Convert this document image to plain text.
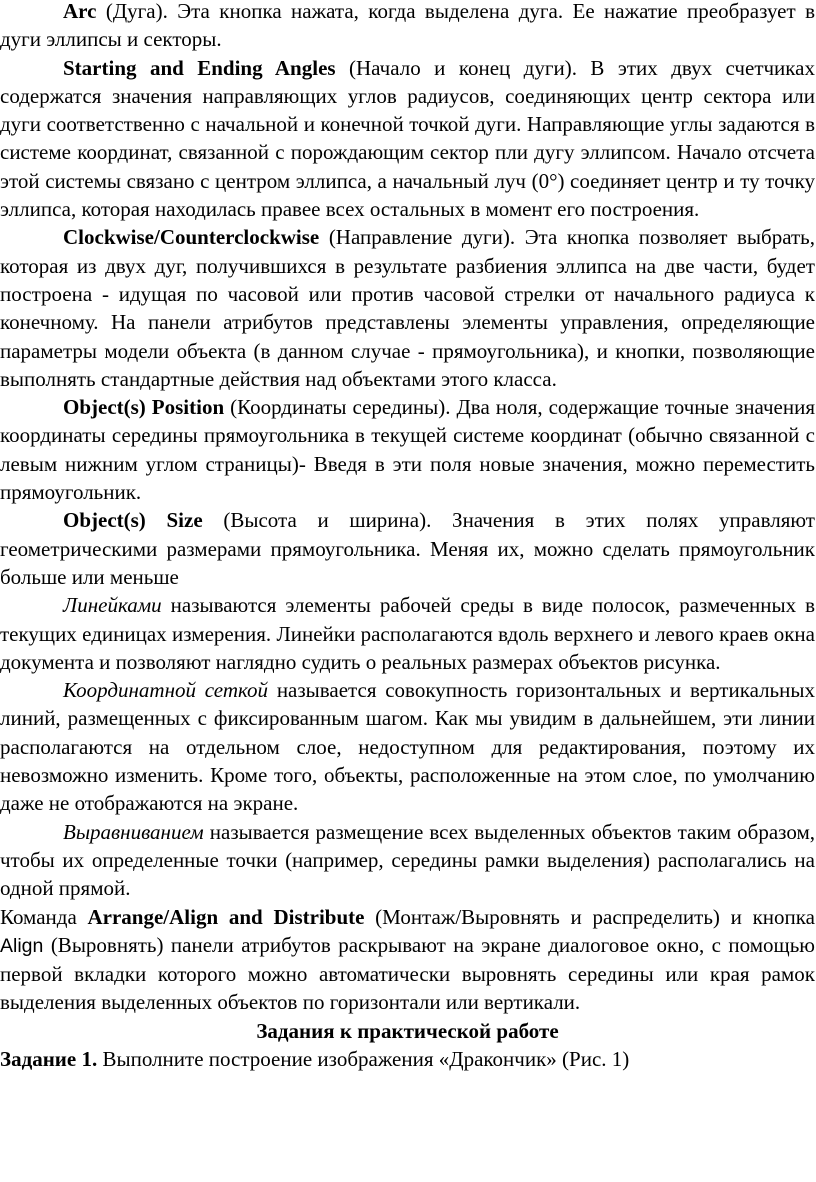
Arc (Дуга). Эта кнопка нажата, когда выделена дуга. Ее нажатие преобразует в дуги эллипсы и секторы.

Starting and Ending Angles (Начало и конец дуги). В этих двух счетчиках содержатся значения направляющих углов радиусов, соединяющих центр сектора или дуги соответственно с начальной и конечной точкой дуги. Направляющие углы задаются в системе координат, связанной с порождающим сектор пли дугу эллипсом. Начало отсчета этой системы связано с центром эллипса, а начальный луч (0°) соединяет центр и ту точку эллипса, которая находилась правее всех остальных в момент его построения.

Clockwise/Counterclockwise (Направление дуги). Эта кнопка позволяет выбрать, которая из двух дуг, получившихся в результате разбиения эллипса на две части, будет построена - идущая по часовой или против часовой стрелки от начального радиуса к конечному. На панели атрибутов представлены элементы управления, определяющие параметры модели объекта (в данном случае - прямоугольника), и кнопки, позволяющие выполнять стандартные действия над объектами этого класса.

Object(s) Position (Координаты середины). Два ноля, содержащие точные значения координаты середины прямоугольника в текущей системе координат (обычно связанной с левым нижним углом страницы)- Введя в эти поля новые значения, можно переместить прямоугольник.

Object(s) Size (Высота и ширина). Значения в этих полях управляют геометрическими размерами прямоугольника. Меняя их, можно сделать прямоугольник больше или меньше

Линейками называются элементы рабочей среды в виде полосок, размеченных в текущих единицах измерения. Линейки располагаются вдоль верхнего и левого краев окна документа и позволяют наглядно судить о реальных размерах объектов рисунка.

Координатной сеткой называется совокупность горизонтальных и вертикальных линий, размещенных с фиксированным шагом. Как мы увидим в дальнейшем, эти линии располагаются на отдельном слое, недоступном для редактирования, поэтому их невозможно изменить. Кроме того, объекты, расположенные на этом слое, по умолчанию даже не отображаются на экране.

Выравниванием называется размещение всех выделенных объектов таким образом, чтобы их определенные точки (например, середины рамки выделения) располагались на одной прямой.

Команда Arrange/Align and Distribute (Монтаж/Выровнять и распределить) и кнопка Align (Выровнять) панели атрибутов раскрывают на экране диалоговое окно, с помощью первой вкладки которого можно автоматически выровнять середины или края рамок выделения выделенных объектов по горизонтали или вертикали.

Задания к практической работе

Задание 1. Выполните построение изображения «Дракончик» (Рис. 1)
